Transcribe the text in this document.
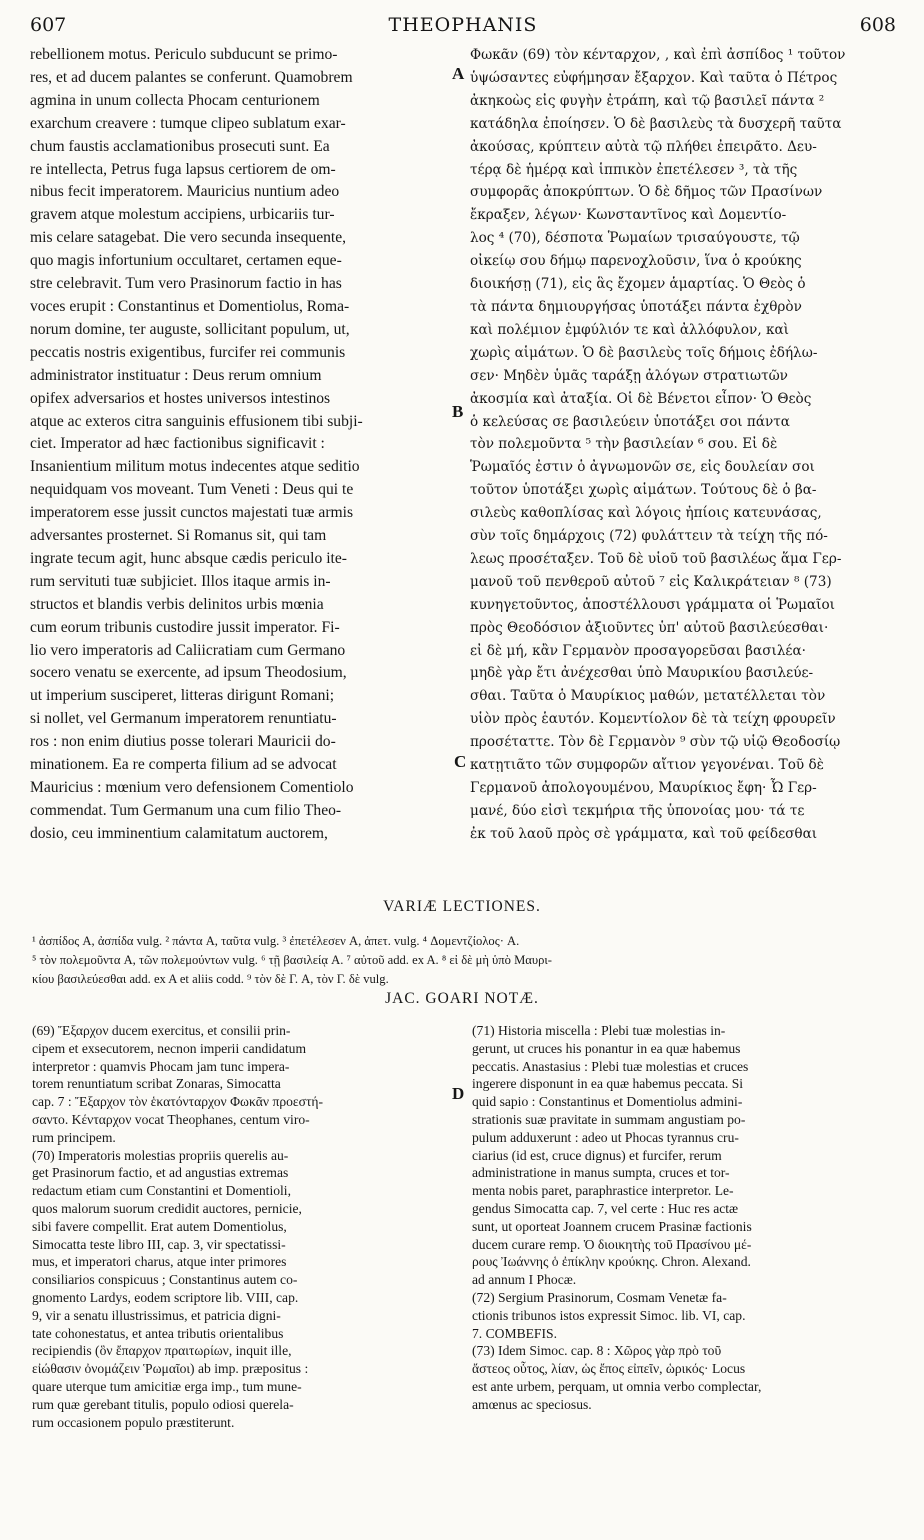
607	THEOPHANIS	608
rebellionem motus. Periculo subducunt se primo-
res, et ad ducem palantes se conferunt. Quamobrem
agmina in unum collecta Phocam centurionem
exarchum creavere : tumque clipeo sublatum exar-
chum faustis acclamationibus prosecuti sunt. Ea
re intellecta, Petrus fuga lapsus certiorem de om-
nibus fecit imperatorem. Mauricius nuntium adeo
gravem atque molestum accipiens, urbicariis tur-
mis celare satagebat. Die vero secunda insequente,
quo magis infortunium occultaret, certamen eque-
stre celebravit. Tum vero Prasinorum factio in has
voces erupit : Constantinus et Domentiolus, Roma-
norum domine, ter auguste, sollicitant populum, ut,
peccatis nostris exigentibus, furcifer rei communis
administrator instituatur : Deus rerum omnium
opifex adversarios et hostes universos intestinos
atque ac exteros citra sanguinis effusionem tibi subji-
ciet. Imperator ad hæc factionibus significavit :
Insanientium militum motus indecentes atque seditio
nequidquam vos moveant. Tum Veneti : Deus qui te
imperatorem esse jussit cunctos majestati tuæ armis
adversantes prosternet. Si Romanus sit, qui tam
ingrate tecum agit, hunc absque cædis periculo ite-
rum servituti tuæ subjiciet. Illos itaque armis in-
structos et blandis verbis delinitos urbis mœnia
cum eorum tribunis custodire jussit imperator. Fi-
lio vero imperatoris ad Caliicratiam cum Germano
socero venatu se exercente, ad ipsum Theodosium,
ut imperium susciperet, litteras dirigunt Romani;
si nollet, vel Germanum imperatorem renuntiatu-
ros : non enim diutius posse tolerari Mauricii do-
minationem. Ea re comperta filium ad se advocat
Mauricius : mœnium vero defensionem Comentiolo
commendat. Tum Germanum una cum filio Theo-
dosio, ceu imminentium calamitatum auctorem,
Φωκᾶν (69) τὸν κένταρχον, , καὶ ἐπὶ ἀσπίδος ¹ τοῦτον
ὑψώσαντες εὐφήμησαν ἔξαρχον. Καὶ ταῦτα ὁ Πέτρος
ἀκηκοὼς εἰς φυγὴν ἐτράπη, καὶ τῷ βασιλεῖ πάντα ²
κατάδηλα ἐποίησεν. Ὁ δὲ βασιλεὺς τὰ δυσχερῆ ταῦτα
ἀκούσας, κρύπτειν αὐτὰ τῷ πλήθει ἐπειρᾶτο. Δευ-
τέρᾳ δὲ ἡμέρᾳ καὶ ἱππικὸν ἐπετέλεσεν ³, τὰ τῆς
συμφορᾶς ἀποκρύπτων. Ὁ δὲ δῆμος τῶν Πρασίνων
ἔκραξεν, λέγων· Κωνσταντῖνος καὶ Δομεντίο-
λος ⁴ (70), δέσποτα Ῥωμαίων τρισαύγουστε, τῷ
οἰκείῳ σου δήμῳ παρενοχλοῦσιν, ἵνα ὁ κρούκης
διοικήσῃ (71), εἰς ἃς ἔχομεν ἁμαρτίας. Ὁ Θεὸς ὁ
τὰ πάντα δημιουργήσας ὑποτάξει πάντα ἐχθρὸν
καὶ πολέμιον ἐμφύλιόν τε καὶ ἀλλόφυλον, καὶ
χωρὶς αἱμάτων. Ὁ δὲ βασιλεὺς τοῖς δήμοις ἐδήλω-
σεν· Μηδὲν ὑμᾶς ταράξῃ ἀλόγων στρατιωτῶν
ἀκοσμία καὶ ἀταξία. Οἱ δὲ Βένετοι εἶπον· Ὁ Θεὸς
ὁ κελεύσας σε βασιλεύειν ὑποτάξει σοι πάντα
τὸν πολεμοῦντα ⁵ τὴν βασιλείαν ⁶ σου. Εἰ δὲ
Ῥωμαῖός ἐστιν ὁ ἀγνωμονῶν σε, εἰς δουλείαν σοι
τοῦτον ὑποτάξει χωρὶς αἱμάτων. Τούτους δὲ ὁ βα-
σιλεὺς καθοπλίσας καὶ λόγοις ἠπίοις κατευνάσας,
σὺν τοῖς δημάρχοις (72) φυλάττειν τὰ τείχη τῆς πό-
λεως προσέταξεν. Τοῦ δὲ υἱοῦ τοῦ βασιλέως ἅμα Γερ-
μανοῦ τοῦ πενθεροῦ αὐτοῦ ⁷ εἰς Καλικράτειαν ⁸ (73)
κυνηγετοῦντος, ἀποστέλλουσι γράμματα οἱ Ῥωμαῖοι
πρὸς Θεοδόσιον ἀξιοῦντες ὑπ' αὐτοῦ βασιλεύεσθαι·
εἰ δὲ μή, κἂν Γερμανὸν προσαγορεῦσαι βασιλέα·
μηδὲ γὰρ ἔτι ἀνέχεσθαι ὑπὸ Μαυρικίου βασιλεύε-
σθαι. Ταῦτα ὁ Μαυρίκιος μαθών, μετατέλλεται τὸν
υἱὸν πρὸς ἑαυτόν. Κομεντίολον δὲ τὰ τείχη φρουρεῖν
προσέταττε. Τὸν δὲ Γερμανὸν ⁹ σὺν τῷ υἱῷ Θεοδοσίῳ
κατῃτιᾶτο τῶν συμφορῶν αἴτιον γεγονέναι. Τοῦ δὲ
Γερμανοῦ ἀπολογουμένου, Μαυρίκιος ἔφη· Ὦ Γερ-
μανέ, δύο εἰσὶ τεκμήρια τῆς ὑπονοίας μου· τά τε
ἐκ τοῦ λαοῦ πρὸς σὲ γράμματα, καὶ τοῦ φείδεσθαι
A
B
C
D
VARIÆ LECTIONES.
¹ ἀσπίδος A, ἀσπίδα vulg. ² πάντα A, ταῦτα vulg. ³ ἐπετέλεσεν A, ἀπετ. vulg. ⁴ Δομεντζίολος· A.
⁵ τὸν πολεμοῦντα A, τῶν πολεμούντων vulg. ⁶ τῇ βασιλείᾳ A. ⁷ αὐτοῦ add. ex A. ⁸ εἰ δὲ μὴ ὑπὸ Μαυρι-
κίου βασιλεύεσθαι add. ex A et aliis codd. ⁹ τὸν δὲ Γ. A, τὸν Γ. δὲ vulg.
JAC. GOARI NOTÆ.
(69) Ἔξαρχον ducem exercitus, et consilii prin-
cipem et exsecutorem, necnon imperii candidatum
interpretor : quamvis Phocam jam tunc impera-
torem renuntiatum scribat Zonaras, Simocatta
cap. 7 : Ἔξαρχον τὸν ἑκατόνταρχον Φωκᾶν προεστή-
σαντο. Κένταρχον vocat Theophanes, centum viro-
rum principem.
(70) Imperatoris molestias propriis querelis au-
get Prasinorum factio, et ad angustias extremas
redactum etiam cum Constantini et Domentioli,
quos malorum suorum credidit auctores, pernicie,
sibi favere compellit. Erat autem Domentiolus,
Simocatta teste libro III, cap. 3, vir spectatissi-
mus, et imperatori charus, atque inter primores
consiliarios conspicuus ; Constantinus autem co-
gnomento Lardys, eodem scriptore lib. VIII, cap.
9, vir a senatu illustrissimus, et patricia digni-
tate cohonestatus, et antea tributis orientalibus
recipiendis (ὃν ἔπαρχον πραιτωρίων, inquit ille,
εἰώθασιν ὀνομάζειν Ῥωμαῖοι) ab imp. præpositus :
quare uterque tum amicitiæ erga imp., tum mune-
rum quæ gerebant titulis, populo odiosi querela-
rum occasionem populo præstiterunt.
(71) Historia miscella : Plebi tuæ molestias in-
gerunt, ut cruces his ponantur in ea quæ habemus
peccatis. Anastasius : Plebi tuæ molestias et cruces
ingerere disponunt in ea quæ habemus peccata. Si
quid sapio : Constantinus et Domentiolus admini-
strationis suæ pravitate in summam angustiam po-
pulum adduxerunt : adeo ut Phocas tyrannus cru-
ciarius (id est, cruce dignus) et furcifer, rerum
administratione in manus sumpta, cruces et tor-
menta nobis paret, paraphrastice interpretor. Le-
gendus Simocatta cap. 7, vel certe : Huc res actæ
sunt, ut oporteat Joannem crucem Prasinæ factionis
ducem curare remp. Ὁ διοικητὴς τοῦ Πρασίνου μέ-
ρους Ἰωάννης ὁ ἐπίκλην κρούκης. Chron. Alexand.
ad annum I Phocæ.
(72) Sergium Prasinorum, Cosmam Venetæ fa-
ctionis tribunos istos expressit Simoc. lib. VI, cap.
7. COMBEFIS.
(73) Idem Simoc. cap. 8 : Χῶρος γὰρ πρὸ τοῦ
ἄστεος οὗτος, λίαν, ὡς ἔπος εἰπεῖν, ὡρικός· Locus
est ante urbem, perquam, ut omnia verbo complectar,
amœnus ac speciosus.
